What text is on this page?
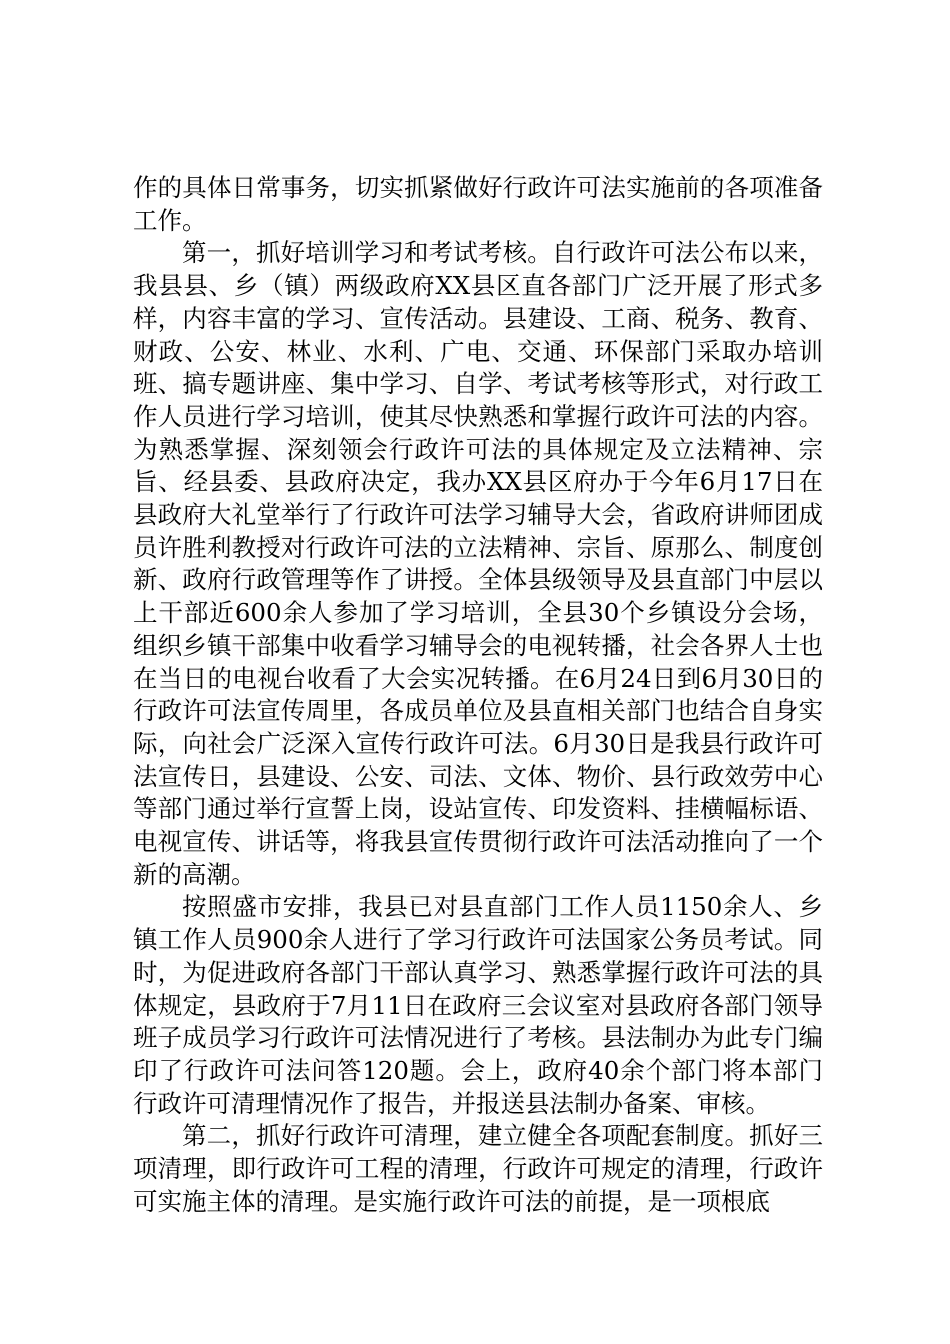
作的具体日常事务，切实抓紧做好行政许可法实施前的各项准备工作。

第一，抓好培训学习和考试考核。自行政许可法公布以来，我县县、乡（镇）两级政府XX县区直各部门广泛开展了形式多样，内容丰富的学习、宣传活动。县建设、工商、税务、教育、财政、公安、林业、水利、广电、交通、环保部门采取办培训班、搞专题讲座、集中学习、自学、考试考核等形式，对行政工作人员进行学习培训，使其尽快熟悉和掌握行政许可法的内容。为熟悉掌握、深刻领会行政许可法的具体规定及立法精神、宗旨、经县委、县政府决定，我办XX县区府办于今年6月17日在县政府大礼堂举行了行政许可法学习辅导大会，省政府讲师团成员许胜利教授对行政许可法的立法精神、宗旨、原那么、制度创新、政府行政管理等作了讲授。全体县级领导及县直部门中层以上干部近600余人参加了学习培训，全县30个乡镇设分会场，组织乡镇干部集中收看学习辅导会的电视转播，社会各界人士也在当日的电视台收看了大会实况转播。在6月24日到6月30日的行政许可法宣传周里，各成员单位及县直相关部门也结合自身实际，向社会广泛深入宣传行政许可法。6月30日是我县行政许可法宣传日，县建设、公安、司法、文体、物价、县行政效劳中心等部门通过举行宣誓上岗，设站宣传、印发资料、挂横幅标语、电视宣传、讲话等，将我县宣传贯彻行政许可法活动推向了一个新的高潮。

按照盛市安排，我县已对县直部门工作人员1150余人、乡镇工作人员900余人进行了学习行政许可法国家公务员考试。同时，为促进政府各部门干部认真学习、熟悉掌握行政许可法的具体规定，县政府于7月11日在政府三会议室对县政府各部门领导班子成员学习行政许可法情况进行了考核。县法制办为此专门编印了行政许可法问答120题。会上，政府40余个部门将本部门行政许可清理情况作了报告，并报送县法制办备案、审核。

第二，抓好行政许可清理，建立健全各项配套制度。抓好三项清理，即行政许可工程的清理，行政许可规定的清理，行政许可实施主体的清理。是实施行政许可法的前提，是一项根底
